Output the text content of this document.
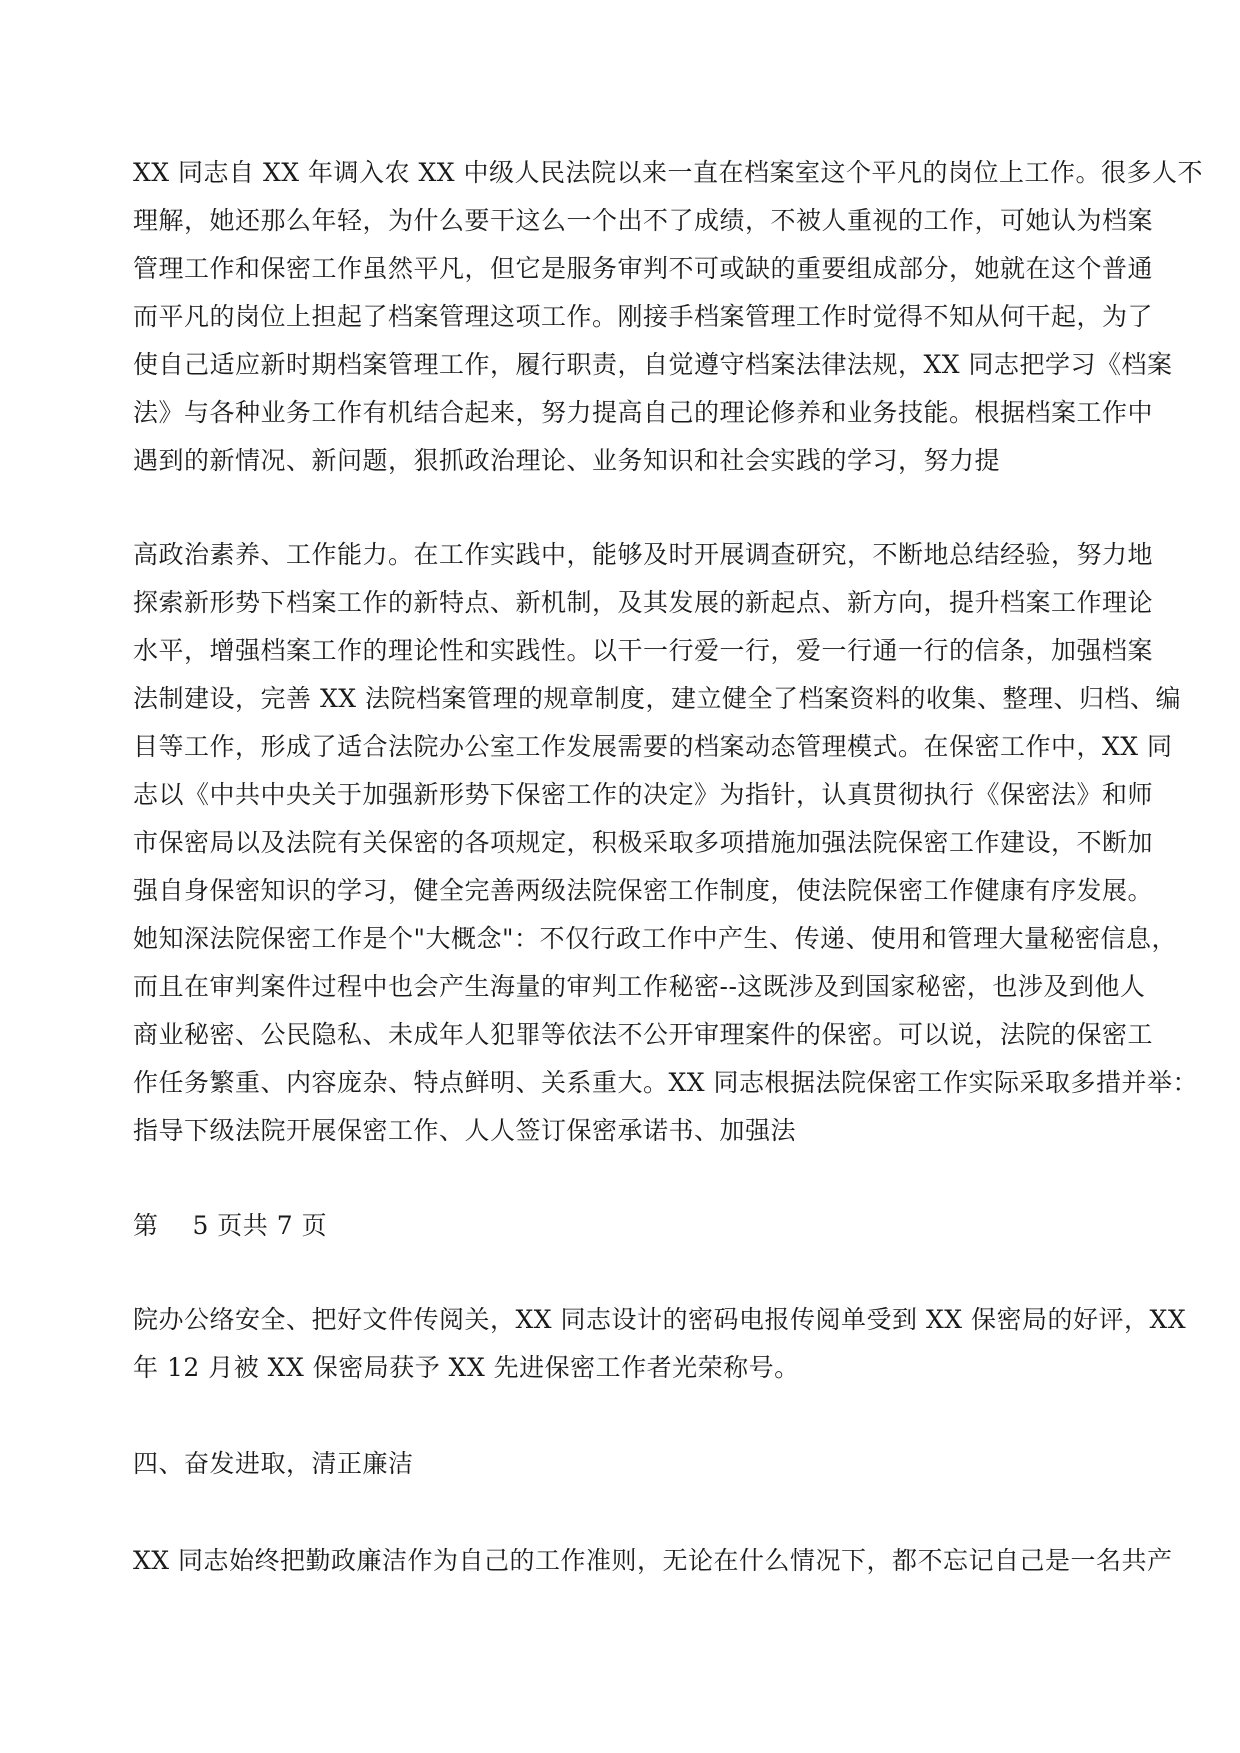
XX 同志自 XX 年调入农 XX 中级人民法院以来一直在档案室这个平凡的岗位上工作。很多人不
理解，她还那么年轻，为什么要干这么一个出不了成绩，不被人重视的工作，可她认为档案
管理工作和保密工作虽然平凡，但它是服务审判不可或缺的重要组成部分，她就在这个普通
而平凡的岗位上担起了档案管理这项工作。刚接手档案管理工作时觉得不知从何干起，为了
使自己适应新时期档案管理工作，履行职责，自觉遵守档案法律法规，XX 同志把学习《档案
法》与各种业务工作有机结合起来，努力提高自己的理论修养和业务技能。根据档案工作中
遇到的新情况、新问题，狠抓政治理论、业务知识和社会实践的学习，努力提
高政治素养、工作能力。在工作实践中，能够及时开展调查研究，不断地总结经验，努力地
探索新形势下档案工作的新特点、新机制，及其发展的新起点、新方向，提升档案工作理论
水平，增强档案工作的理论性和实践性。以干一行爱一行，爱一行通一行的信条，加强档案
法制建设，完善 XX 法院档案管理的规章制度，建立健全了档案资料的收集、整理、归档、编
目等工作，形成了适合法院办公室工作发展需要的档案动态管理模式。在保密工作中，XX 同
志以《中共中央关于加强新形势下保密工作的决定》为指针，认真贯彻执行《保密法》和师
市保密局以及法院有关保密的各项规定，积极采取多项措施加强法院保密工作建设，不断加
强自身保密知识的学习，健全完善两级法院保密工作制度，使法院保密工作健康有序发展。
她知深法院保密工作是个"大概念"：不仅行政工作中产生、传递、使用和管理大量秘密信息，
而且在审判案件过程中也会产生海量的审判工作秘密--这既涉及到国家秘密，也涉及到他人
商业秘密、公民隐私、未成年人犯罪等依法不公开审理案件的保密。可以说，法院的保密工
作任务繁重、内容庞杂、特点鲜明、关系重大。XX 同志根据法院保密工作实际采取多措并举：
指导下级法院开展保密工作、人人签订保密承诺书、加强法
第　 5 页共 7 页
院办公络安全、把好文件传阅关，XX 同志设计的密码电报传阅单受到 XX 保密局的好评，XX
年 12 月被 XX 保密局获予 XX 先进保密工作者光荣称号。
四、奋发进取，清正廉洁
XX 同志始终把勤政廉洁作为自己的工作准则，无论在什么情况下，都不忘记自己是一名共产
